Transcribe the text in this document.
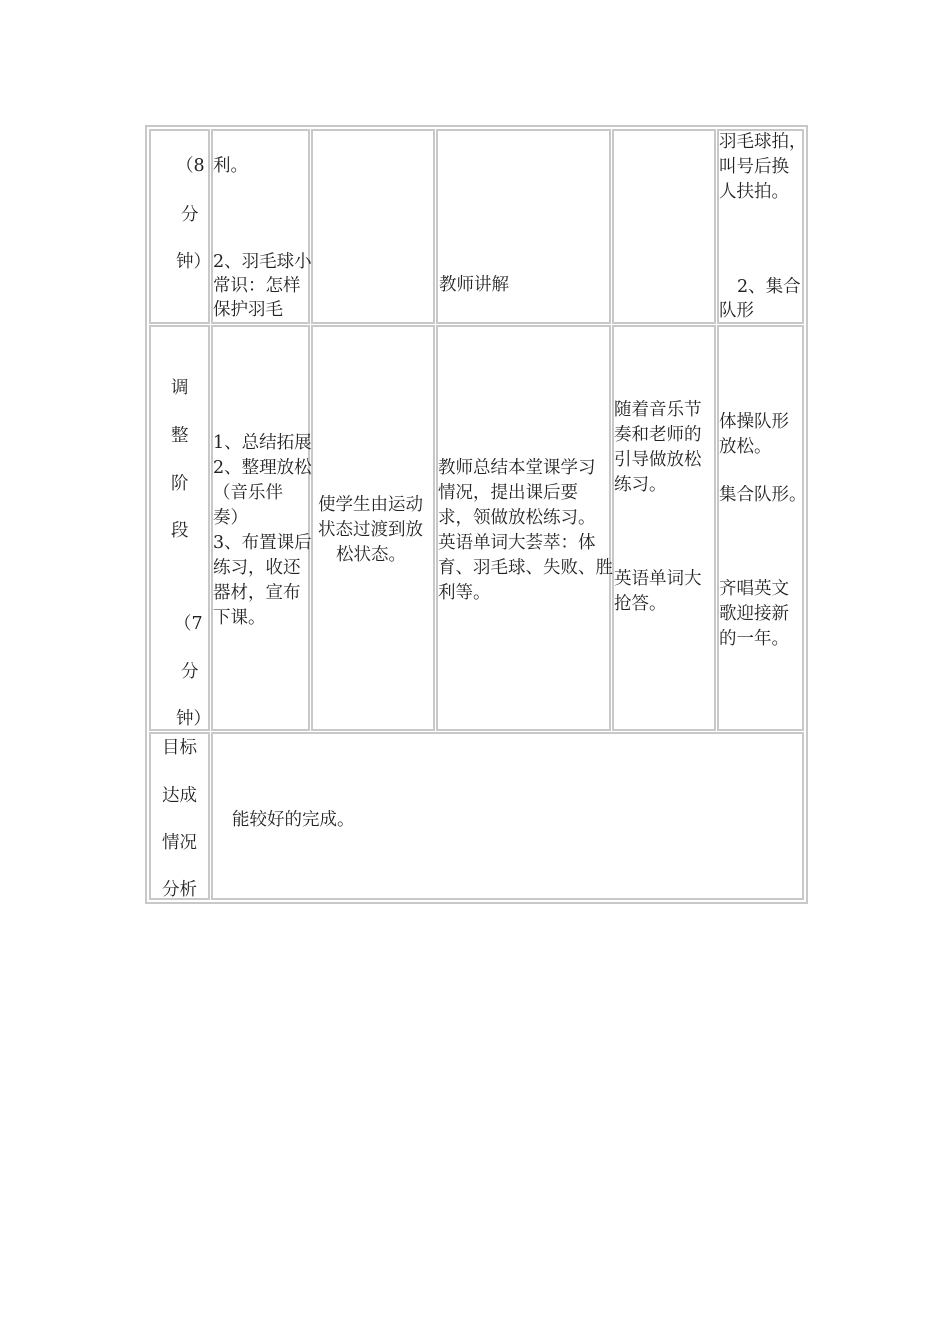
（8
分
钟）
利。
2、羽毛球小
常识：怎样
保护羽毛
教师讲解
羽毛球拍，
叫号后换
人扶拍。
2、集合
队形
调
整
阶
段
（7
分
钟）
1、总结拓展
2、整理放松
（音乐伴
奏）
3、布置课后
练习，收还
器材，宣布
下课。
使学生由运动
状态过渡到放
松状态。
教师总结本堂课学习
情况，提出课后要
求，领做放松练习。
英语单词大荟萃：体
育、羽毛球、失败、胜
利等。
随着音乐节
奏和老师的
引导做放松
练习。
英语单词大
抢答。
体操队形
放松。
集合队形。
齐唱英文
歌迎接新
的一年。
目标
达成
情况
分析
能较好的完成。
